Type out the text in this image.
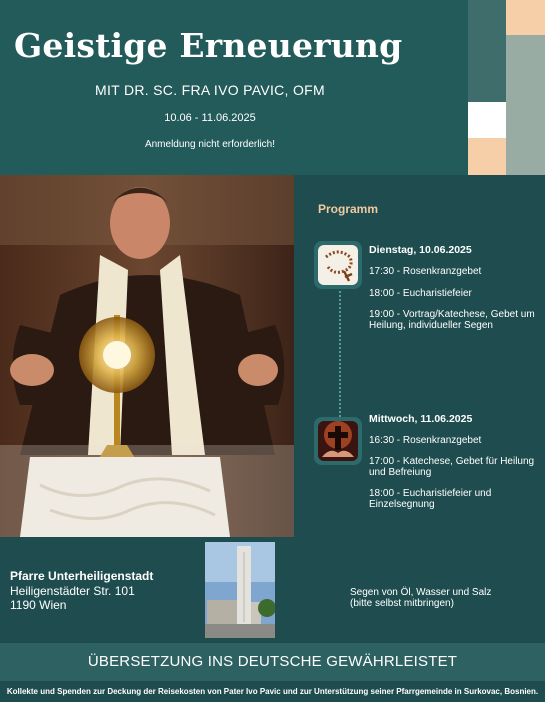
Geistige Erneuerung
MIT DR. SC. FRA IVO PAVIC, OFM
10.06 - 11.06.2025
Anmeldung nicht erforderlich!
Programm
Dienstag, 10.06.2025
17:30 - Rosenkranzgebet
18:00 - Eucharistiefeier
19:00 - Vortrag/Katechese, Gebet um Heilung, individueller Segen
Mittwoch, 11.06.2025
16:30 - Rosenkranzgebet
17:00 - Katechese, Gebet für Heilung und Befreiung
18:00 - Eucharistiefeier und Einzelsegnung
Segen von Öl, Wasser und Salz
(bitte selbst mitbringen)
Pfarre Unterheiligenstadt
Heiligenstädter Str. 101
1190 Wien
ÜBERSETZUNG INS DEUTSCHE GEWÄHRLEISTET
Kollekte und Spenden zur Deckung der Reisekosten von Pater Ivo Pavic und zur Unterstützung seiner Pfarrgemeinde in Surkovac, Bosnien.
